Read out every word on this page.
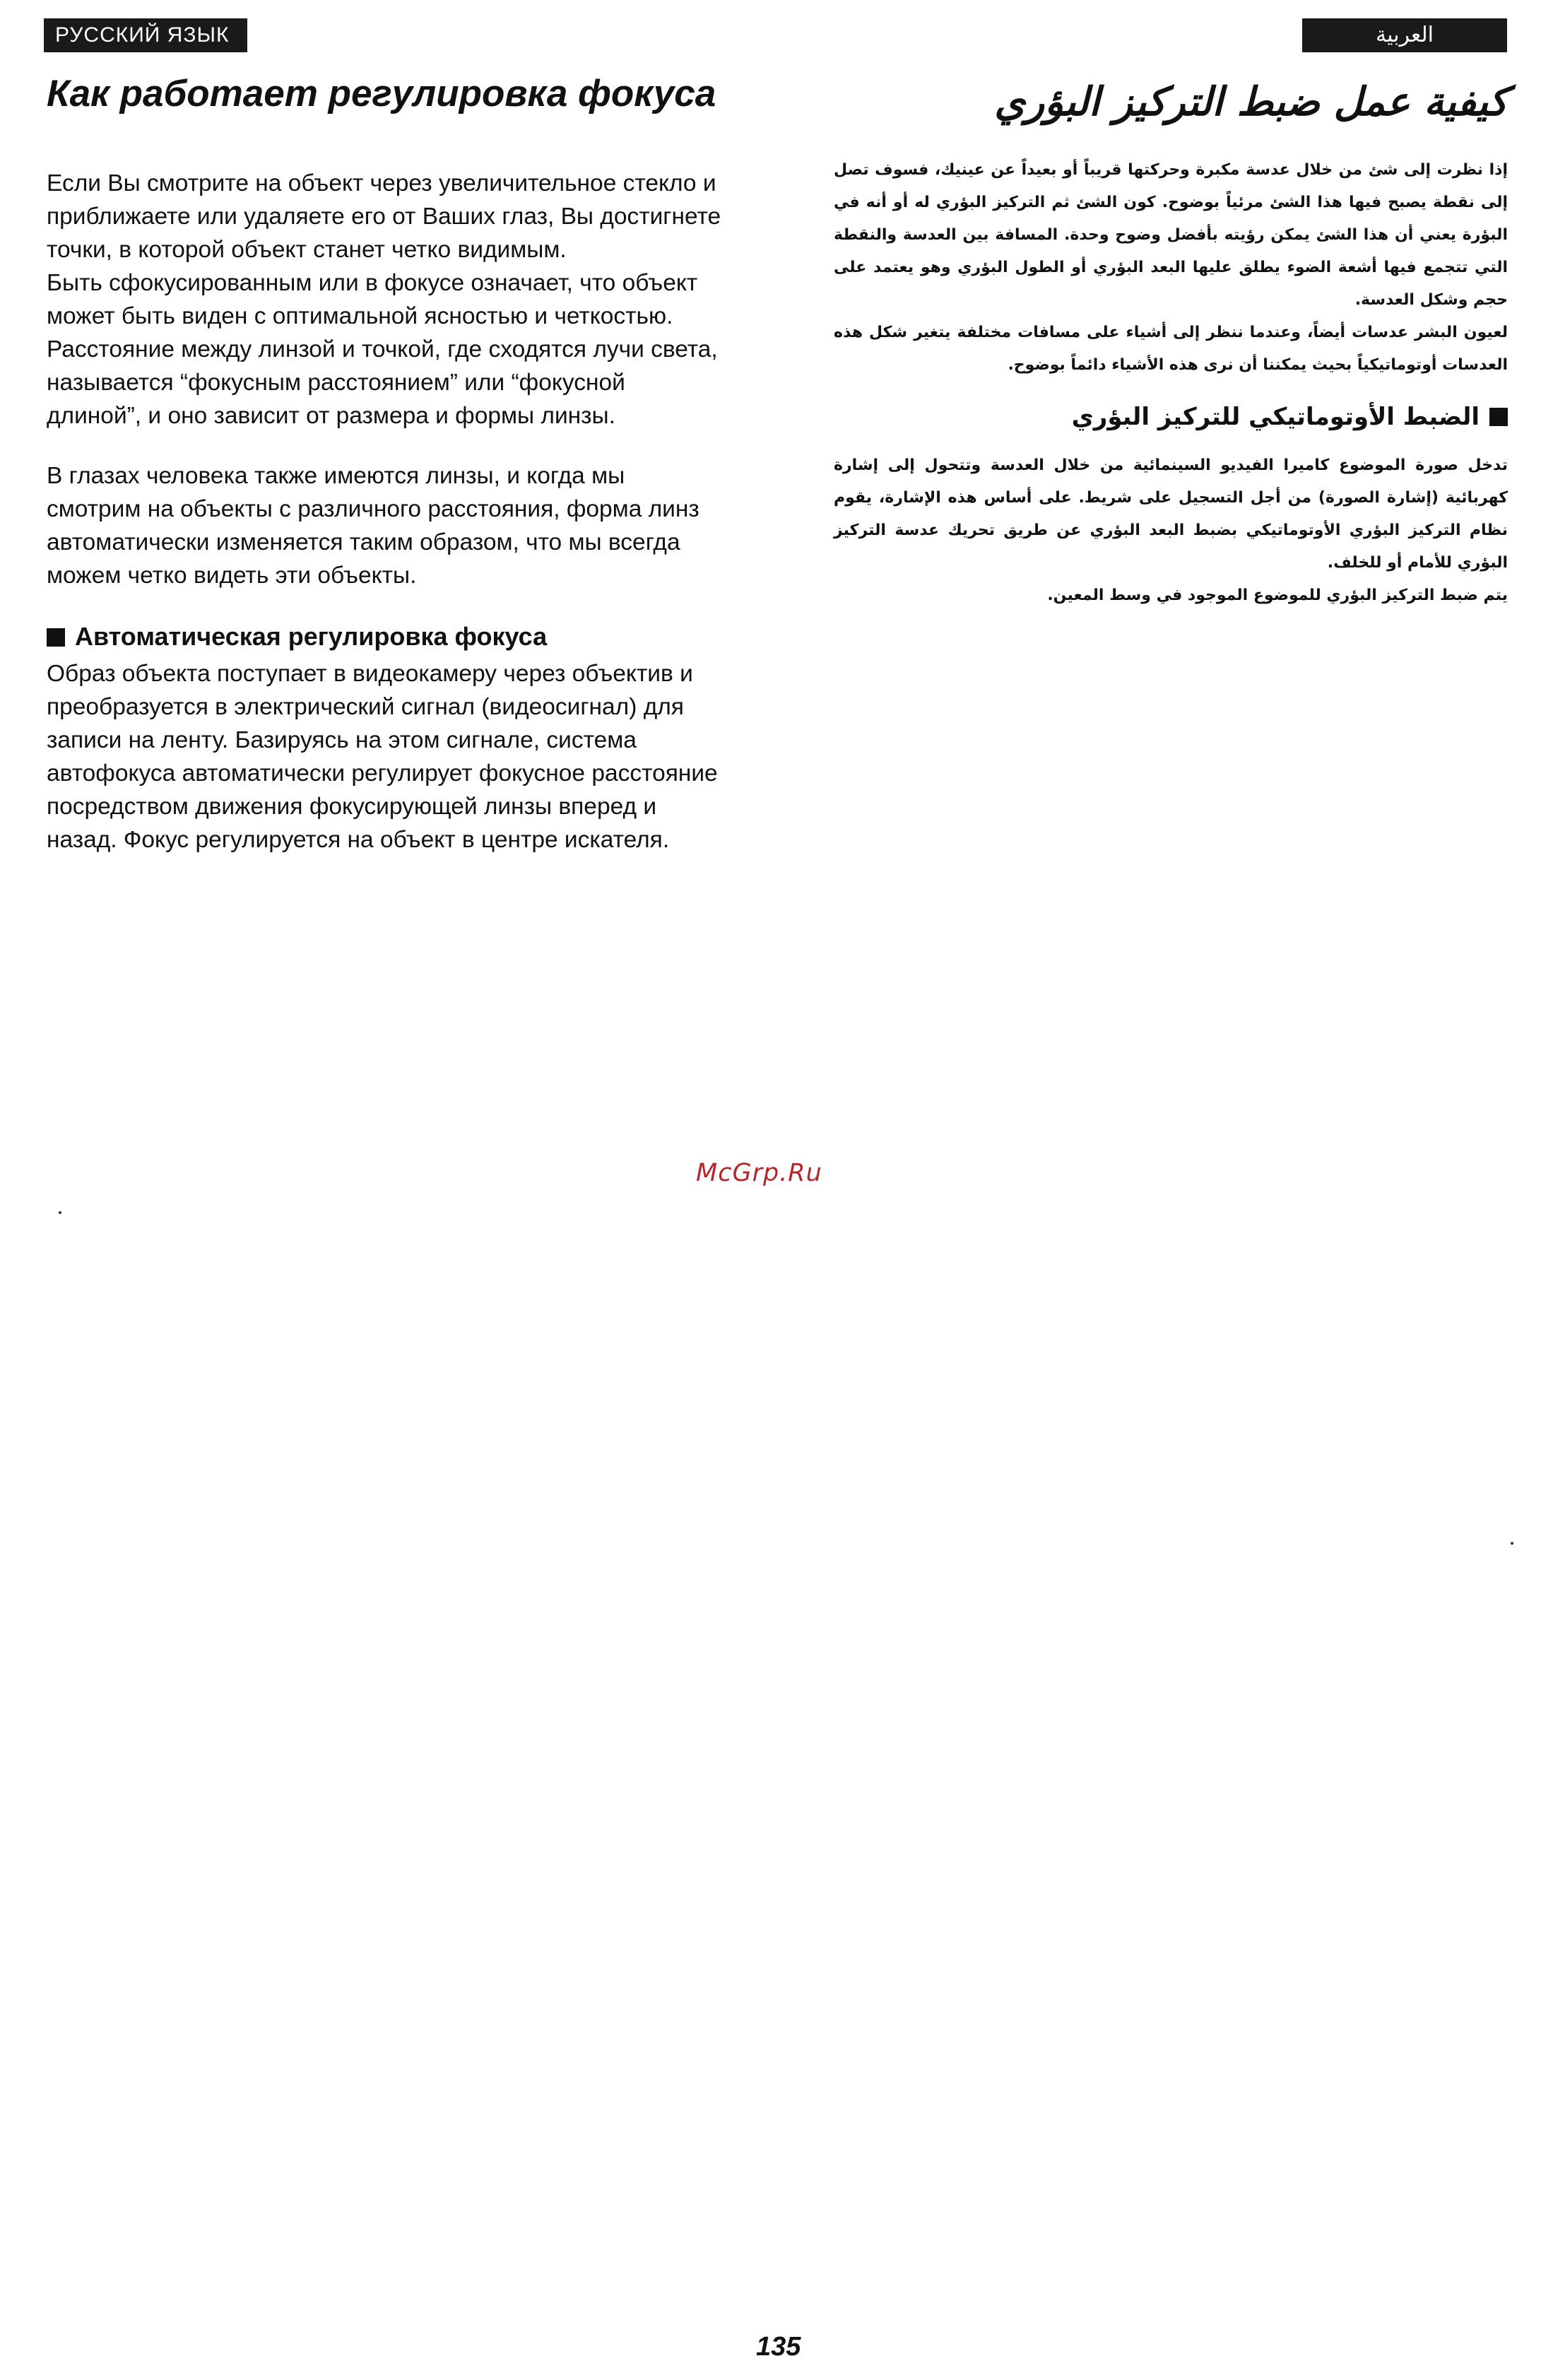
РУССКИЙ ЯЗЫК	العربية
Как работает регулировка фокуса

Если Вы смотрите на объект через увеличительное стекло и приближаете или удаляете его от Ваших глаз, Вы достигнете точки, в которой объект станет четко видимым.

Быть сфокусированным или в фокусе означает, что объект может быть виден с оптимальной ясностью и четкостью. Расстояние между линзой и точкой, где сходятся лучи света, называется “фокусным расстоянием” или “фокусной длиной”, и оно зависит от размера и формы линзы.

В глазах человека также имеются линзы, и когда мы смотрим на объекты с различного расстояния, форма линз автоматически изменяется таким образом, что мы всегда можем четко видеть эти объекты.

Автоматическая регулировка фокуса

Образ объекта поступает в видеокамеру через объектив и преобразуется в электрический сигнал (видеосигнал) для записи на ленту. Базируясь на этом сигнале, система автофокуса автоматически регулирует фокусное расстояние посредством движения фокусирующей линзы вперед и назад. Фокус регулируется на объект в центре искателя.

كيفية عمل ضبط التركيز البؤري

إذا نظرت إلى شئ من خلال عدسة مكبرة وحركتها قريباً أو بعيداً عن عينيك، فسوف تصل إلى نقطة يصبح فيها هذا الشئ مرئياً بوضوح. كون الشئ ثم التركيز البؤري له أو أنه في البؤرة يعني أن هذا الشئ يمكن رؤيته بأفضل وضوح وحدة. المسافة بين العدسة والنقطة التي تتجمع فيها أشعة الضوء يطلق عليها البعد البؤري أو الطول البؤري وهو يعتمد على حجم وشكل العدسة.

لعيون البشر عدسات أيضاً، وعندما ننظر إلى أشياء على مسافات مختلفة يتغير شكل هذه العدسات أوتوماتيكياً بحيث يمكننا أن نرى هذه الأشياء دائماً بوضوح.

الضبط الأوتوماتيكي للتركيز البؤري

تدخل صورة الموضوع كاميرا الفيديو السينمائية من خلال العدسة وتتحول إلى إشارة كهربائية (إشارة الصورة) من أجل التسجيل على شريط. على أساس هذه الإشارة، يقوم نظام التركيز البؤري الأوتوماتيكي بضبط البعد البؤري عن طريق تحريك عدسة التركيز البؤري للأمام أو للخلف.

يتم ضبط التركيز البؤري للموضوع الموجود في وسط المعين.

McGrp.Ru
135
